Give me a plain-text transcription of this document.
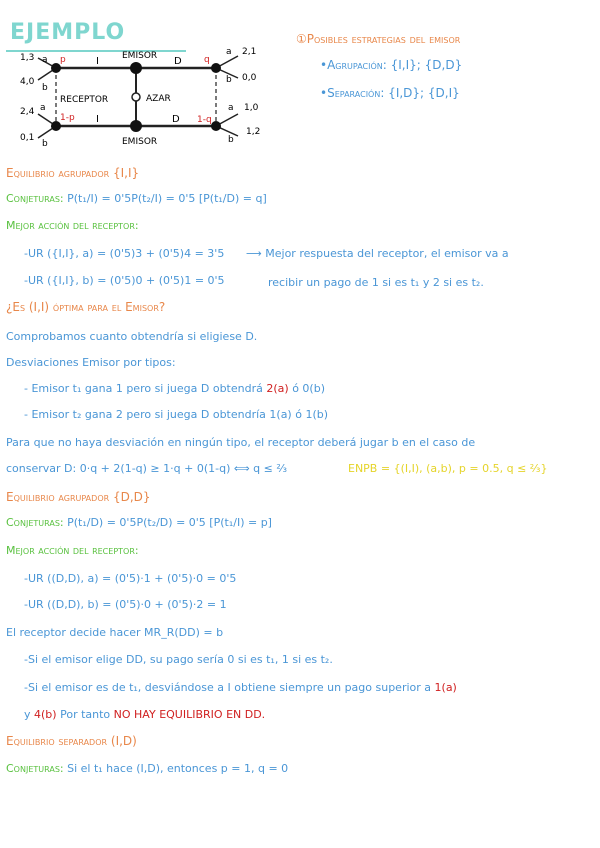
EJEMPLO
1,3 a
4,0
b
p	I	EMISOR D q
a 2,1
b 0,0
RECEPTOR	AZAR
2,4 a
0,1
b
1-p I	D 1-q
a 1,0
b
1,2
EMISOR
①Posibles estrategias del emisor
•Agrupación: {I,I}; {D,D}
•Separación: {I,D}; {D,I}
Equilibrio agrupador {I,I}
Conjeturas: P(t₁/I) = 0'5P(t₂/I) = 0'5 [P(t₁/D) = q]
Mejor acción del receptor:
-UR ({I,I}, a) = (0'5)3 + (0'5)4 = 3'5 ⟶ Mejor respuesta del receptor, el emisor va a
-UR ({I,I}, b) = (0'5)0 + (0'5)1 = 0'5	recibir un pago de 1 si es t₁ y 2 si es t₂.
¿Es (I,I) óptima para el Emisor?
Comprobamos cuanto obtendría si eligiese D.
Desviaciones Emisor por tipos:
- Emisor t₁ gana 1 pero si juega D obtendrá 2(a) ó 0(b)
- Emisor t₂ gana 2 pero si juega D obtendría 1(a) ó 1(b)
Para que no haya desviación en ningún tipo, el receptor deberá jugar b en el caso de
conservar D: 0·q + 2(1-q) ≥ 1·q + 0(1-q) ⟺ q ≤ ⅔	ENPB = {(I,I), (a,b), p = 0.5, q ≤ ⅔}
Equilibrio agrupador {D,D}
Conjeturas: P(t₁/D) = 0'5P(t₂/D) = 0'5 [P(t₁/I) = p]
Mejor acción del receptor:
-UR ((D,D), a) = (0'5)·1 + (0'5)·0 = 0'5
-UR ((D,D), b) = (0'5)·0 + (0'5)·2 = 1
El receptor decide hacer MR_R(DD) = b
-Si el emisor elige DD, su pago sería 0 si es t₁, 1 si es t₂.
-Si el emisor es de t₁, desviándose a I obtiene siempre un pago superior a 1(a)
y 4(b) Por tanto NO HAY EQUILIBRIO EN DD.
Equilibrio separador (I,D)
Conjeturas: Si el t₁ hace (I,D), entonces p = 1, q = 0
